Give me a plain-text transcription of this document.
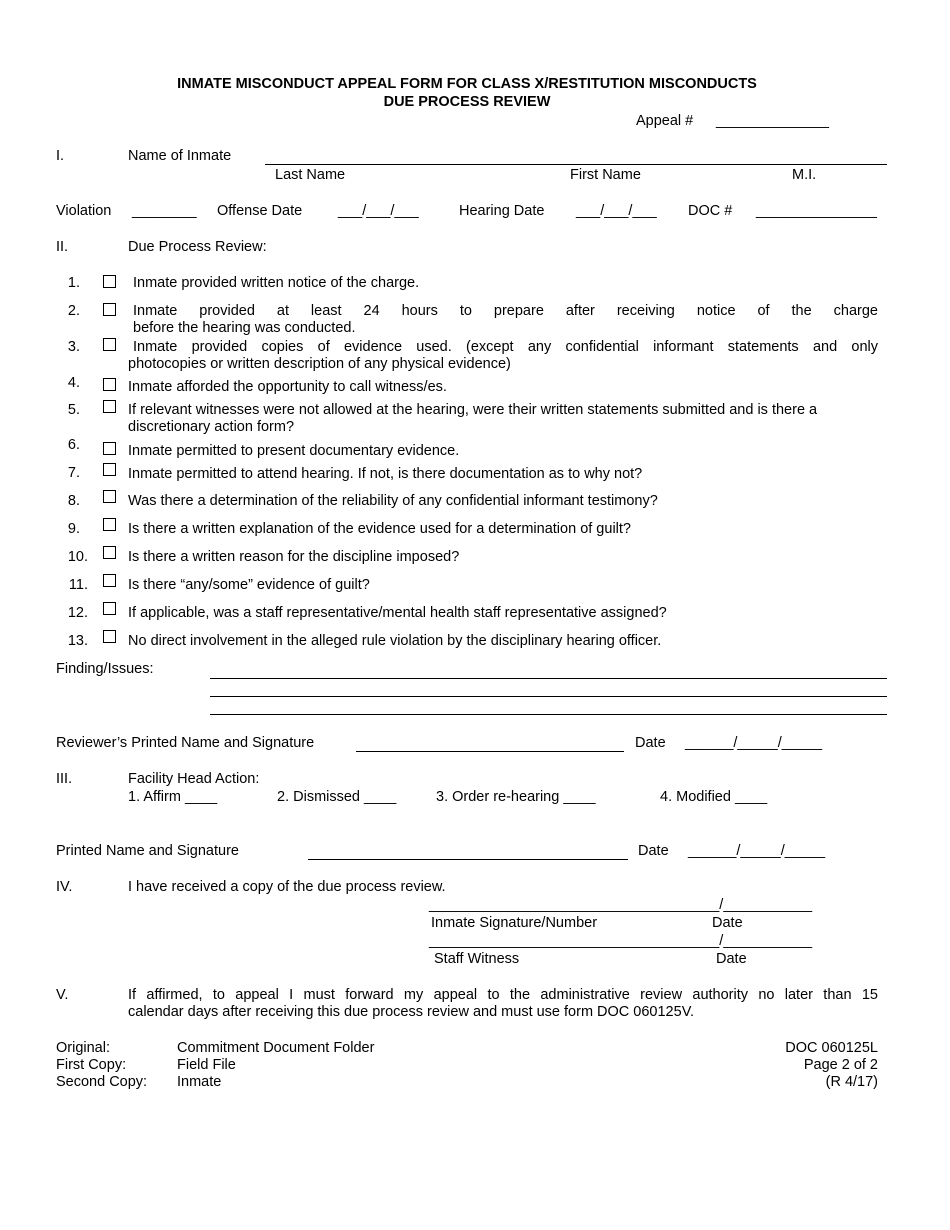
INMATE MISCONDUCT APPEAL FORM FOR CLASS X/RESTITUTION MISCONDUCTS
DUE PROCESS REVIEW
Appeal # ______________
I.	Name of Inmate
Last Name	First Name	M.I.
Violation ________ Offense Date ___/___/___	Hearing Date ___/___/___ DOC # _______________
II.	Due Process Review:
1.	Inmate provided written notice of the charge.
2.	Inmate provided at least 24 hours to prepare after receiving notice of the charge
before the hearing was conducted.
3.	Inmate provided copies of evidence used. (except any confidential informant statements and only
photocopies or written description of any physical evidence)
4.	Inmate afforded the opportunity to call witness/es.
5.	If relevant witnesses were not allowed at the hearing, were their written statements submitted and is there a
discretionary action form?
6.	Inmate permitted to present documentary evidence.
7.	Inmate permitted to attend hearing. If not, is there documentation as to why not?
8.	Was there a determination of the reliability of any confidential informant testimony?
9.	Is there a written explanation of the evidence used for a determination of guilt?
10.	Is there a written reason for the discipline imposed?
11.	Is there “any/some” evidence of guilt?
12.	If applicable, was a staff representative/mental health staff representative assigned?
13.	No direct involvement in the alleged rule violation by the disciplinary hearing officer.
Finding/Issues:
Reviewer’s Printed Name and Signature	Date ______/_____/_____
III.	Facility Head Action:
1. Affirm ____	2. Dismissed ____	3. Order re-hearing ____	4. Modified ____
Printed Name and Signature	Date ______/_____/_____
IV.	I have received a copy of the due process review.
____________________________________/___________
Inmate Signature/Number	Date
____________________________________/___________
Staff Witness	Date
V.	If affirmed, to appeal I must forward my appeal to the administrative review authority no later than 15
calendar days after receiving this due process review and must use form DOC 060125V.
Original:	Commitment Document Folder
First Copy:	Field File
Second Copy: Inmate
DOC 060125L
Page 2 of 2
(R 4/17)
